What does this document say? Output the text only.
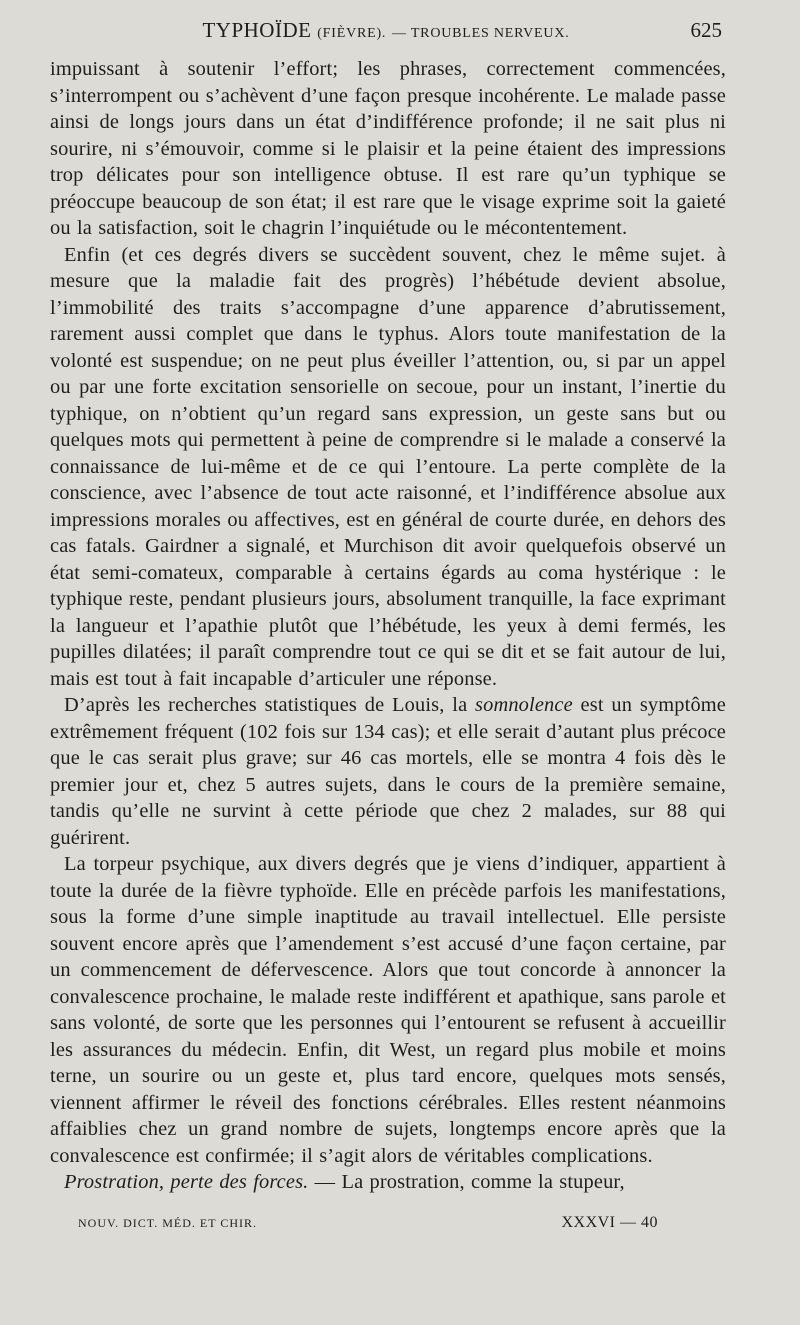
TYPHOÏDE (FIÈVRE). — TROUBLES NERVEUX.	625

impuissant à soutenir l’effort; les phrases, correctement commencées, s’interrompent ou s’achèvent d’une façon presque incohérente. Le malade passe ainsi de longs jours dans un état d’indifférence profonde; il ne sait plus ni sourire, ni s’émouvoir, comme si le plaisir et la peine étaient des impressions trop délicates pour son intelligence obtuse. Il est rare qu’un typhique se préoccupe beaucoup de son état; il est rare que le visage exprime soit la gaieté ou la satisfaction, soit le chagrin l’inquiétude ou le mécontentement.

Enfin (et ces degrés divers se succèdent souvent, chez le même sujet. à mesure que la maladie fait des progrès) l’hébétude devient absolue, l’immobilité des traits s’accompagne d’une apparence d’abrutissement, rarement aussi complet que dans le typhus. Alors toute manifestation de la volonté est suspendue; on ne peut plus éveiller l’attention, ou, si par un appel ou par une forte excitation sensorielle on secoue, pour un instant, l’inertie du typhique, on n’obtient qu’un regard sans expression, un geste sans but ou quelques mots qui permettent à peine de comprendre si le malade a conservé la connaissance de lui-même et de ce qui l’entoure. La perte complète de la conscience, avec l’absence de tout acte raisonné, et l’indifférence absolue aux impressions morales ou affectives, est en général de courte durée, en dehors des cas fatals. Gairdner a signalé, et Murchison dit avoir quelquefois observé un état semi-comateux, comparable à certains égards au coma hystérique : le typhique reste, pendant plusieurs jours, absolument tranquille, la face exprimant la langueur et l’apathie plutôt que l’hébétude, les yeux à demi fermés, les pupilles dilatées; il paraît comprendre tout ce qui se dit et se fait autour de lui, mais est tout à fait incapable d’articuler une réponse.

D’après les recherches statistiques de Louis, la somnolence est un symptôme extrêmement fréquent (102 fois sur 134 cas); et elle serait d’autant plus précoce que le cas serait plus grave; sur 46 cas mortels, elle se montra 4 fois dès le premier jour et, chez 5 autres sujets, dans le cours de la première semaine, tandis qu’elle ne survint à cette période que chez 2 malades, sur 88 qui guérirent.

La torpeur psychique, aux divers degrés que je viens d’indiquer, appartient à toute la durée de la fièvre typhoïde. Elle en précède parfois les manifestations, sous la forme d’une simple inaptitude au travail intellectuel. Elle persiste souvent encore après que l’amendement s’est accusé d’une façon certaine, par un commencement de défervescence. Alors que tout concorde à annoncer la convalescence prochaine, le malade reste indifférent et apathique, sans parole et sans volonté, de sorte que les personnes qui l’entourent se refusent à accueillir les assurances du médecin. Enfin, dit West, un regard plus mobile et moins terne, un sourire ou un geste et, plus tard encore, quelques mots sensés, viennent affirmer le réveil des fonctions cérébrales. Elles restent néanmoins affaiblies chez un grand nombre de sujets, longtemps encore après que la convalescence est confirmée; il s’agit alors de véritables complications.

Prostration, perte des forces. — La prostration, comme la stupeur,

NOUV. DICT. MÉD. ET CHIR.	XXXVI — 40
